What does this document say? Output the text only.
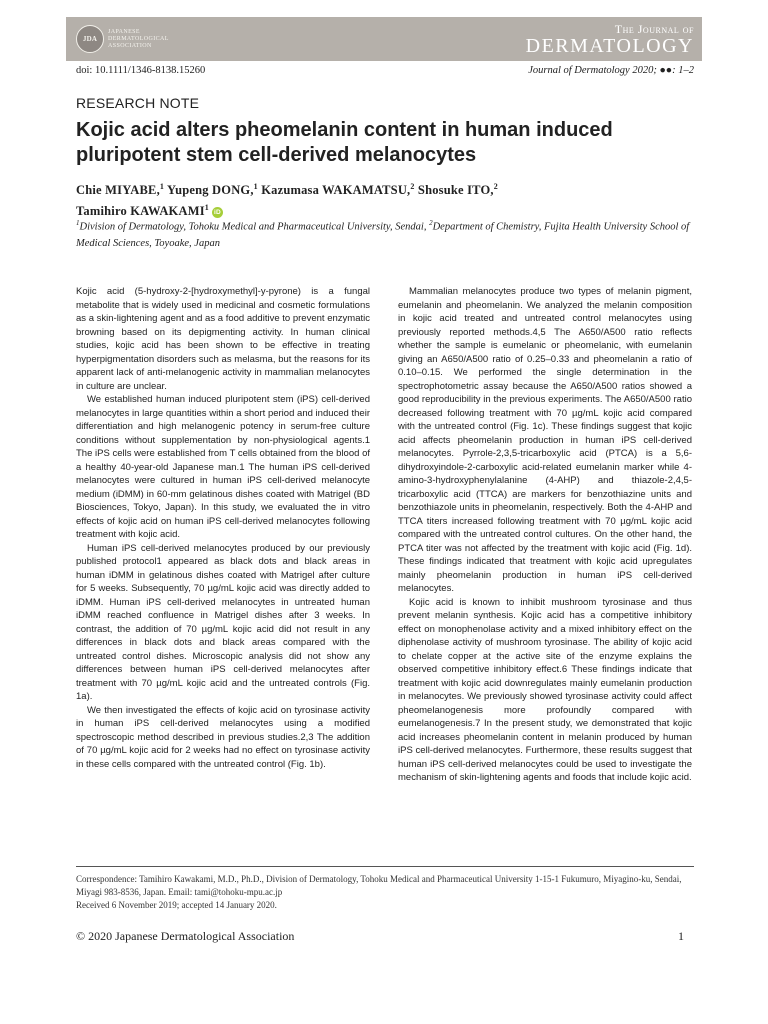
JDA
JAPANESE
DERMATOLOGICAL
ASSOCIATION
The Journal of
DERMATOLOGY
doi: 10.1111/1346-8138.15260	Journal of Dermatology 2020; ●●: 1–2
RESEARCH NOTE
Kojic acid alters pheomelanin content in human induced pluripotent stem cell-derived melanocytes
Chie MIYABE,$^1$ Yupeng DONG,$^1$ Kazumasa WAKAMATSU,$^2$ Shosuke ITO,$^2$
Tamihiro KAWAKAMI$^1$iD
$^1$Division of Dermatology, Tohoku Medical and Pharmaceutical University, Sendai, $^2$Department of Chemistry, Fujita Health University School of Medical Sciences, Toyoake, Japan

Kojic acid (5-hydroxy-2-[hydroxymethyl]-y-pyrone) is a fungal metabolite that is widely used in medicinal and cosmetic formulations as a skin-lightening agent and as a food additive to prevent enzymatic browning based on its depigmenting activity. In human clinical studies, kojic acid has been shown to be effective in treating hyperpigmentation disorders such as melasma, but the reasons for its apparent lack of anti-melanogenic activity in mammalian melanocytes in culture are unclear.

We established human induced pluripotent stem (iPS) cell-derived melanocytes in large quantities within a short period and induced their differentiation and high melanogenic potency in serum-free culture conditions without supplementation by non-physiological agents.1 The iPS cells were established from T cells obtained from the blood of a healthy 40-year-old Japanese man.1 The human iPS cell-derived melanocytes were cultured in human iPS cell-derived melanocyte medium (iDMM) in 60-mm gelatinous dishes coated with Matrigel (BD Biosciences, Tokyo, Japan). In this study, we evaluated the in vitro effects of kojic acid on human iPS cell-derived melanocytes following treatment with kojic acid.

Human iPS cell-derived melanocytes produced by our previously published protocol1 appeared as black dots and black areas in human iDMM in gelatinous dishes coated with Matrigel after culture for 5 weeks. Subsequently, 70 µg/mL kojic acid was directly added to iDMM. Human iPS cell-derived melanocytes in untreated human iDMM reached confluence in Matrigel dishes after 3 weeks. In contrast, the addition of 70 µg/mL kojic acid did not result in any differences in black dots and black areas compared with the untreated control dishes. Microscopic analysis did not show any differences between human iPS cell-derived melanocytes after treatment with 70 µg/mL kojic acid and the untreated controls (Fig. 1a).

We then investigated the effects of kojic acid on tyrosinase activity in human iPS cell-derived melanocytes using a modified spectroscopic method described in previous studies.2,3 The addition of 70 µg/mL kojic acid for 2 weeks had no effect on tyrosinase activity in these cells compared with the untreated control (Fig. 1b).

Mammalian melanocytes produce two types of melanin pigment, eumelanin and pheomelanin. We analyzed the melanin composition in kojic acid treated and untreated control melanocytes using previously reported methods.4,5 The A650/A500 ratio reflects whether the sample is eumelanic or pheomelanic, with eumelanin giving an A650/A500 ratio of 0.25–0.33 and pheomelanin a ratio of 0.10–0.15. We performed the single determination in the spectrophotometric assay because the A650/A500 ratios showed a good reproducibility in the previous experiments. The A650/A500 ratio decreased following treatment with 70 µg/mL kojic acid compared with the untreated control (Fig. 1c). These findings suggest that kojic acid affects pheomelanin production in human iPS cell-derived melanocytes. Pyrrole-2,3,5-tricarboxylic acid (PTCA) is a 5,6-dihydroxyindole-2-carboxylic acid-related eumelanin marker while 4-amino-3-hydroxyphenylalanine (4-AHP) and thiazole-2,4,5-tricarboxylic acid (TTCA) are markers for benzothiazine units and benzothiazole units in pheomelanin, respectively. Both the 4-AHP and TTCA titers increased following treatment with 70 µg/mL kojic acid compared with the untreated control cultures. On the other hand, the PTCA titer was not affected by the treatment with kojic acid (Fig. 1d). These findings indicated that treatment with kojic acid upregulates mainly pheomelanin production in human iPS cell-derived melanocytes.

Kojic acid is known to inhibit mushroom tyrosinase and thus prevent melanin synthesis. Kojic acid has a competitive inhibitory effect on monophenolase activity and a mixed inhibitory effect on the diphenolase activity of mushroom tyrosinase. The ability of kojic acid to chelate copper at the active site of the enzyme explains the observed competitive inhibitory effect.6 These findings indicate that treatment with kojic acid downregulates mainly eumelanin production in melanocytes. We previously showed tyrosinase activity could affect pheomelanogenesis more profoundly compared with eumelanogenesis.7 In the present study, we demonstrated that kojic acid increases pheomelanin content in melanin produced by human iPS cell-derived melanocytes. Furthermore, these results suggest that human iPS cell-derived melanocytes could be used to investigate the mechanism of skin-lightening agents and foods that include kojic acid.

Correspondence: Tamihiro Kawakami, M.D., Ph.D., Division of Dermatology, Tohoku Medical and Pharmaceutical University 1-15-1 Fukumuro, Miyagino-ku, Sendai, Miyagi 983-8536, Japan. Email: tami@tohoku-mpu.ac.jp
Received 6 November 2019; accepted 14 January 2020.
© 2020 Japanese Dermatological Association	1
